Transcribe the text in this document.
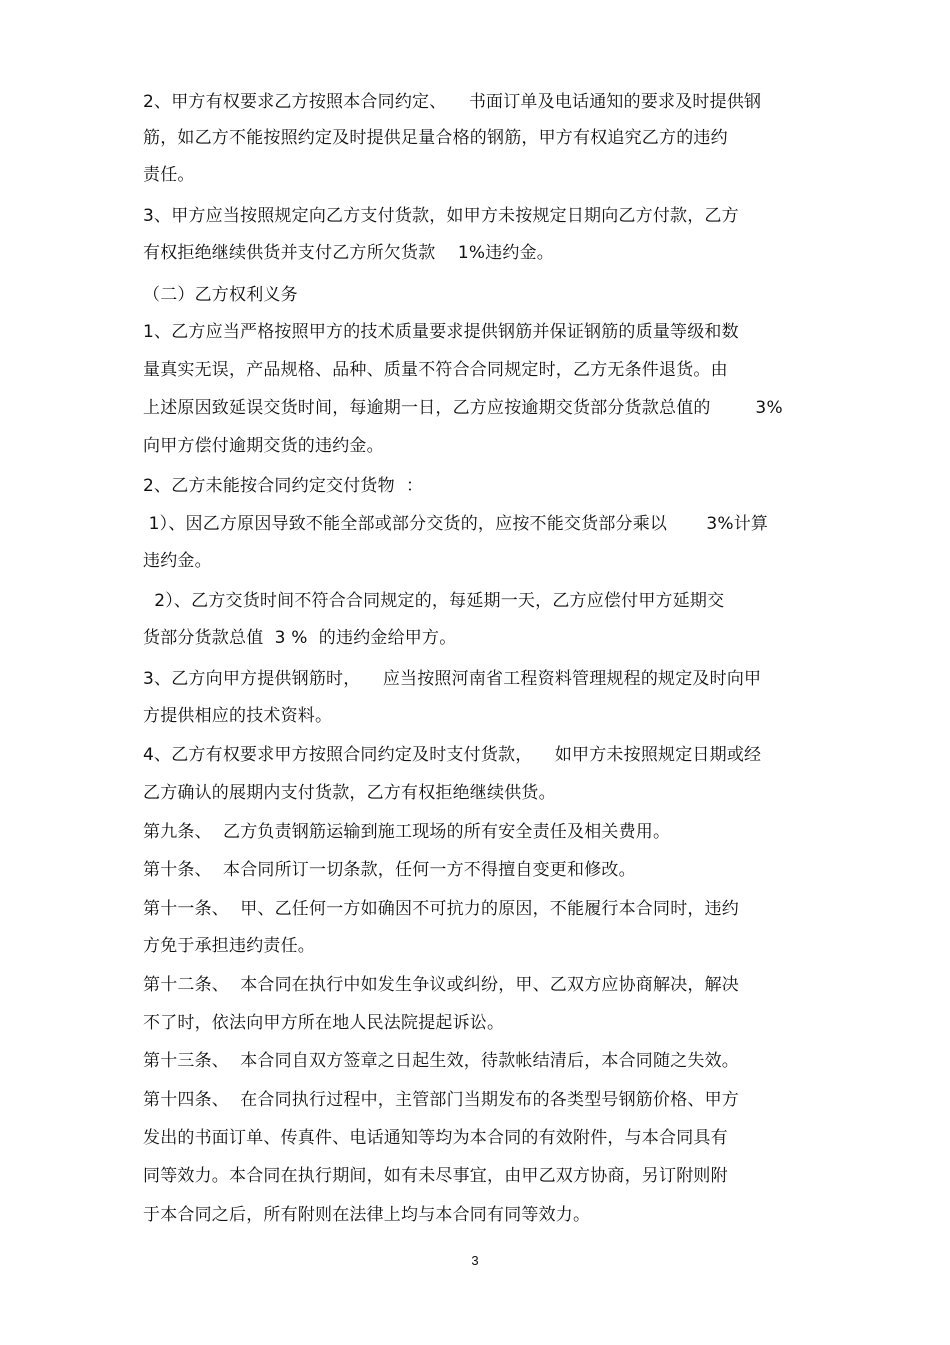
2、甲方有权要求乙方按照本合同约定、    书面订单及电话通知的要求及时提供钢
筋，如乙方不能按照约定及时提供足量合格的钢筋，甲方有权追究乙方的违约
责任。
3、甲方应当按照规定向乙方支付货款，如甲方未按规定日期向乙方付款，乙方
有权拒绝继续供货并支付乙方所欠货款    1%违约金。
（二）乙方权利义务
1、乙方应当严格按照甲方的技术质量要求提供钢筋并保证钢筋的质量等级和数
量真实无误，产品规格、品种、质量不符合合同规定时，乙方无条件退货。由
上述原因致延误交货时间，每逾期一日，乙方应按逾期交货部分货款总值的        3%
向甲方偿付逾期交货的违约金。
2、乙方未能按合同约定交付货物  ：
1）、因乙方原因导致不能全部或部分交货的，应按不能交货部分乘以       3%计算
违约金。
2）、乙方交货时间不符合合同规定的，每延期一天，乙方应偿付甲方延期交
货部分货款总值  3 %  的违约金给甲方。
3、乙方向甲方提供钢筋时，    应当按照河南省工程资料管理规程的规定及时向甲
方提供相应的技术资料。
4、乙方有权要求甲方按照合同约定及时支付货款，    如甲方未按照规定日期或经
乙方确认的展期内支付货款，乙方有权拒绝继续供货。
第九条、  乙方负责钢筋运输到施工现场的所有安全责任及相关费用。
第十条、  本合同所订一切条款，任何一方不得擅自变更和修改。
第十一条、  甲、乙任何一方如确因不可抗力的原因，不能履行本合同时，违约
方免于承担违约责任。
第十二条、  本合同在执行中如发生争议或纠纷，甲、乙双方应协商解决，解决
不了时，依法向甲方所在地人民法院提起诉讼。
第十三条、  本合同自双方签章之日起生效，待款帐结清后，本合同随之失效。
第十四条、  在合同执行过程中，主管部门当期发布的各类型号钢筋价格、甲方
发出的书面订单、传真件、电话通知等均为本合同的有效附件，与本合同具有
同等效力。本合同在执行期间，如有未尽事宜，由甲乙双方协商，另订附则附
于本合同之后，所有附则在法律上均与本合同有同等效力。
3
